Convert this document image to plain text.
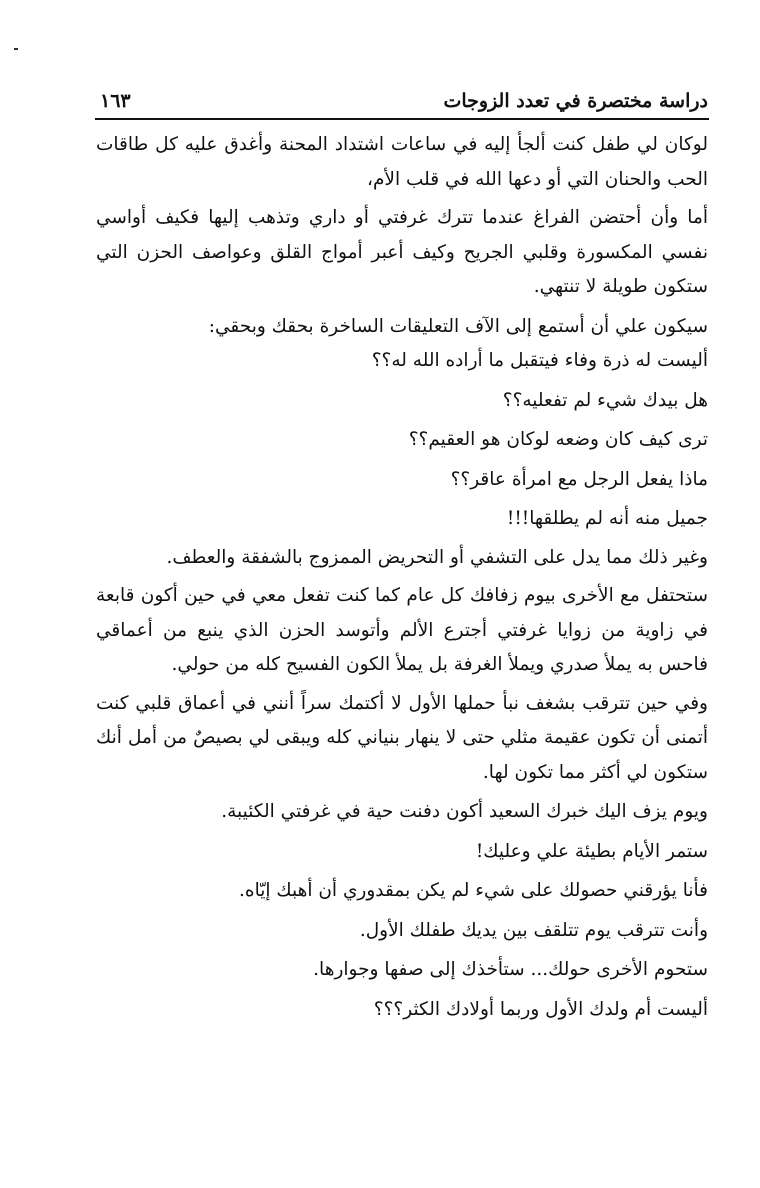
دراسة مختصرة في تعدد الزوجات
١٦٣

لوكان لي طفل كنت ألجأ إليه في ساعات اشتداد المحنة وأغدق عليه كل طاقات الحب والحنان التي أو دعها الله في قلب الأم،

أما وأن أحتضن الفراغ عندما تترك غرفتي أو داري وتذهب إليها فكيف أواسي نفسي المكسورة وقلبي الجريح وكيف أعبر أمواج القلق وعواصف الحزن التي ستكون طويلة لا تنتهي.

سيكون علي أن أستمع إلى الآف التعليقات الساخرة بحقك وبحقي:

أليست له ذرة وفاء فيتقبل ما أراده الله له؟؟

هل بيدك شيء لم تفعليه؟؟

ترى كيف كان وضعه لوكان هو العقيم؟؟

ماذا يفعل الرجل مع امرأة عاقر؟؟

جميل منه أنه لم يطلقها!!!

وغير ذلك مما يدل على التشفي أو التحريض الممزوج بالشفقة والعطف.

ستحتفل مع الأخرى بيوم زفافك كل عام كما كنت تفعل معي في حين أكون قابعة في زاوية من زوايا غرفتي أجترع الألم وأتوسد الحزن الذي ينبع من أعماقي فاحس به يملأ صدري ويملأ الغرفة بل يملأ الكون الفسيح كله من حولي.

وفي حين تترقب بشغف نبأ حملها الأول لا أكتمك سراً أنني في أعماق قلبي كنت أتمنى أن تكون عقيمة مثلي حتى لا ينهار بنياني كله ويبقى لي بصيصٌ من أمل أنك ستكون لي أكثر مما تكون لها.

ويوم يزف اليك خبرك السعيد أكون دفنت حية في غرفتي الكئيبة.

ستمر الأيام بطيئة علي وعليك!

فأنا يؤرقني حصولك على شيء لم يكن بمقدوري أن أهبك إيّاه.

وأنت تترقب يوم تتلقف بين يديك طفلك الأول.

ستحوم الأخرى حولك... ستأخذك إلى صفها وجوارها.

أليست أم ولدك الأول وربما أولادك الكثر؟؟؟
